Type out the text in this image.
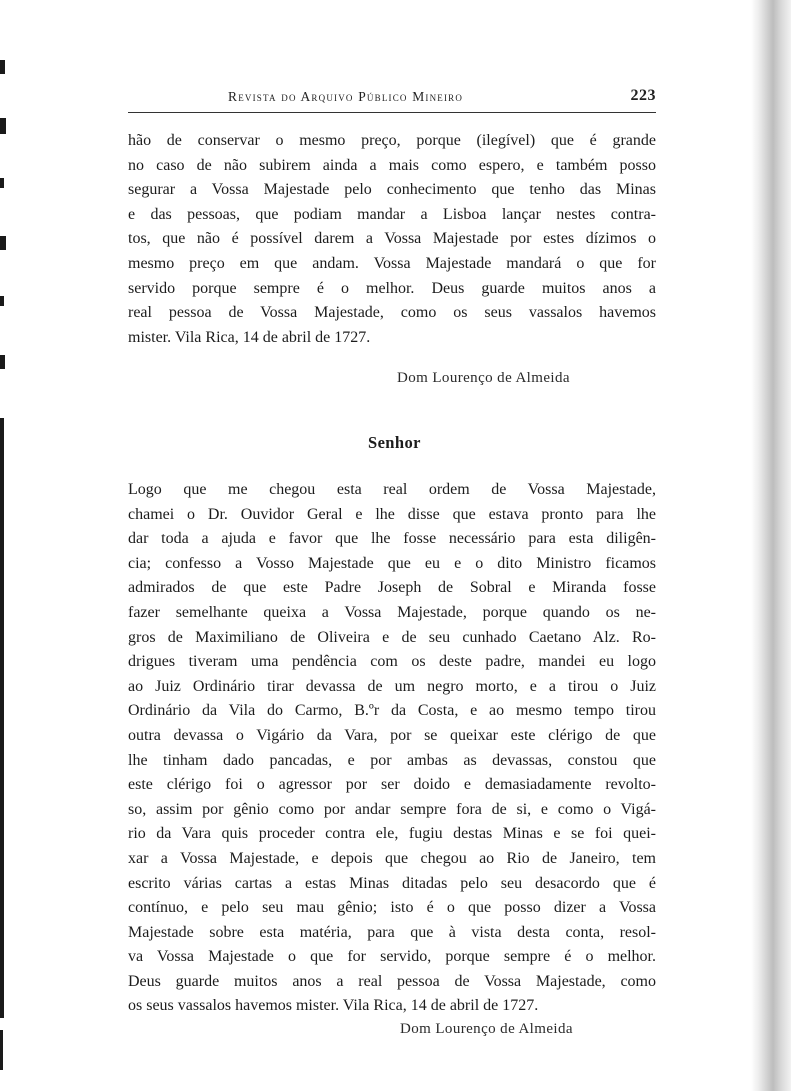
Revista do Arquivo Público Mineiro	223
hão de conservar o mesmo preço, porque (ilegível) que é grande
no caso de não subirem ainda a mais como espero, e também posso
segurar a Vossa Majestade pelo conhecimento que tenho das Minas
e das pessoas, que podiam mandar a Lisboa lançar nestes contra-
tos, que não é possível darem a Vossa Majestade por estes dízimos o
mesmo preço em que andam. Vossa Majestade mandará o que for
servido porque sempre é o melhor. Deus guarde muitos anos a
real pessoa de Vossa Majestade, como os seus vassalos havemos
mister. Vila Rica, 14 de abril de 1727.
Dom Lourenço de Almeida
Senhor
Logo que me chegou esta real ordem de Vossa Majestade,
chamei o Dr. Ouvidor Geral e lhe disse que estava pronto para lhe
dar toda a ajuda e favor que lhe fosse necessário para esta diligên-
cia; confesso a Vosso Majestade que eu e o dito Ministro ficamos
admirados de que este Padre Joseph de Sobral e Miranda fosse
fazer semelhante queixa a Vossa Majestade, porque quando os ne-
gros de Maximiliano de Oliveira e de seu cunhado Caetano Alz. Ro-
drigues tiveram uma pendência com os deste padre, mandei eu logo
ao Juiz Ordinário tirar devassa de um negro morto, e a tirou o Juiz
Ordinário da Vila do Carmo, B.ºr da Costa, e ao mesmo tempo tirou
outra devassa o Vigário da Vara, por se queixar este clérigo de que
lhe tinham dado pancadas, e por ambas as devassas, constou que
este clérigo foi o agressor por ser doido e demasiadamente revolto-
so, assim por gênio como por andar sempre fora de si, e como o Vigá-
rio da Vara quis proceder contra ele, fugiu destas Minas e se foi quei-
xar a Vossa Majestade, e depois que chegou ao Rio de Janeiro, tem
escrito várias cartas a estas Minas ditadas pelo seu desacordo que é
contínuo, e pelo seu mau gênio; isto é o que posso dizer a Vossa
Majestade sobre esta matéria, para que à vista desta conta, resol-
va Vossa Majestade o que for servido, porque sempre é o melhor.
Deus guarde muitos anos a real pessoa de Vossa Majestade, como
os seus vassalos havemos mister. Vila Rica, 14 de abril de 1727.
Dom Lourenço de Almeida
